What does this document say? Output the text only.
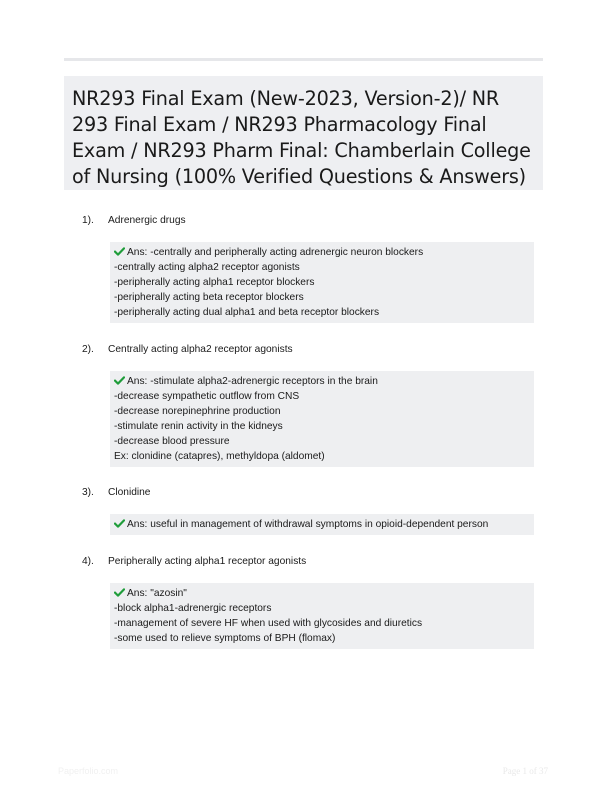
NR293 Final Exam (New-2023, Version-2)/ NR 293 Final Exam / NR293 Pharmacology Final Exam / NR293 Pharm Final: Chamberlain College of Nursing (100% Verified Questions & Answers)
1). Adrenergic drugs
Ans: -centrally and peripherally acting adrenergic neuron blockers
-centrally acting alpha2 receptor agonists
-peripherally acting alpha1 receptor blockers
-peripherally acting beta receptor blockers
-peripherally acting dual alpha1 and beta receptor blockers
2). Centrally acting alpha2 receptor agonists
Ans: -stimulate alpha2-adrenergic receptors in the brain
-decrease sympathetic outflow from CNS
-decrease norepinephrine production
-stimulate renin activity in the kidneys
-decrease blood pressure
Ex: clonidine (catapres), methyldopa (aldomet)
3). Clonidine
Ans: useful in management of withdrawal symptoms in opioid-dependent person
4). Peripherally acting alpha1 receptor agonists
Ans: "azosin"
-block alpha1-adrenergic receptors
-management of severe HF when used with glycosides and diuretics
-some used to relieve symptoms of BPH (flomax)
Paperfolio.com	Page 1 of 37
